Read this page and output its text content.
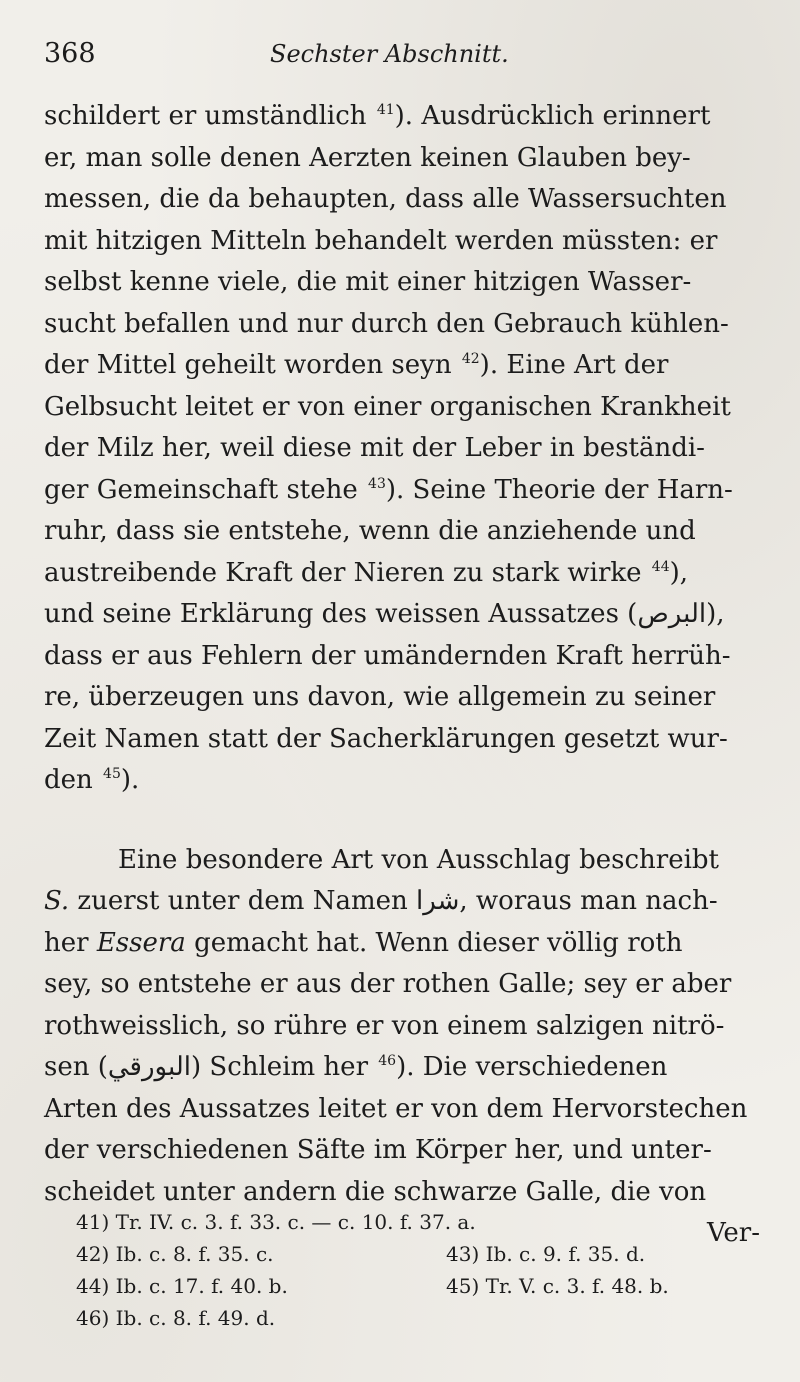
368	Sechster Abschnitt.
schildert er umständlich $^{41}$). Ausdrücklich erinnert
er, man solle denen Aerzten keinen Glauben bey-
messen, die da behaupten, dass alle Wassersuchten
mit hitzigen Mitteln behandelt werden müssten: er
selbst kenne viele, die mit einer hitzigen Wasser-
sucht befallen und nur durch den Gebrauch kühlen-
der Mittel geheilt worden seyn $^{42}$). Eine Art der
Gelbsucht leitet er von einer organischen Krankheit
der Milz her, weil diese mit der Leber in beständi-
ger Gemeinschaft stehe $^{43}$). Seine Theorie der Harn-
ruhr, dass sie entstehe, wenn die anziehende und
austreibende Kraft der Nieren zu stark wirke $^{44}$),
und seine Erklärung des weissen Aussatzes (البرص),
dass er aus Fehlern der umändernden Kraft herrüh-
re, überzeugen uns davon, wie allgemein zu seiner
Zeit Namen statt der Sacherklärungen gesetzt wur-
den $^{45}$).
Eine besondere Art von Ausschlag beschreibt
S. zuerst unter dem Namen شرا, woraus man nach-
her Essera gemacht hat. Wenn dieser völlig roth
sey, so entstehe er aus der rothen Galle; sey er aber
rothweisslich, so rühre er von einem salzigen nitrö-
sen (البورقي) Schleim her $^{46}$). Die verschiedenen
Arten des Aussatzes leitet er von dem Hervorstechen
der verschiedenen Säfte im Körper her, und unter-
scheidet unter andern die schwarze Galle, die von
Ver-
41) Tr. IV. c. 3. f. 33. c. — c. 10. f. 37. a.
42) Ib. c. 8. f. 35. c.	43) Ib. c. 9. f. 35. d.
44) Ib. c. 17. f. 40. b.	45) Tr. V. c. 3. f. 48. b.
46) Ib. c. 8. f. 49. d.
